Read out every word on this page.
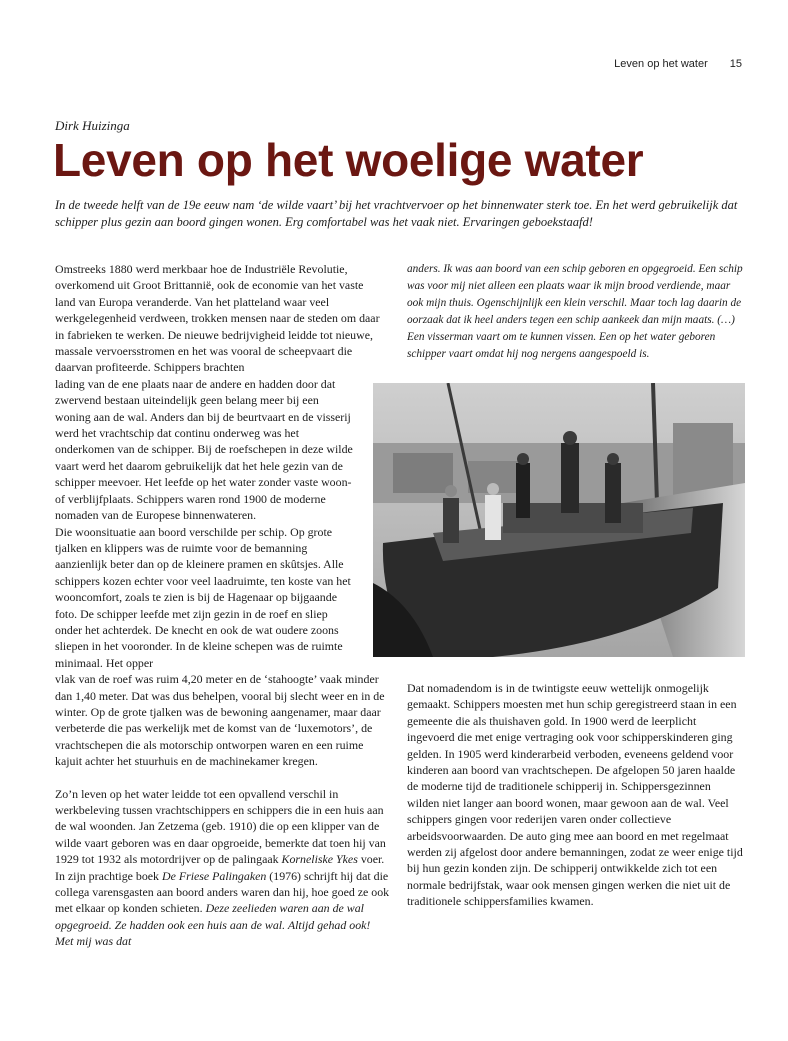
Leven op het water 15
Dirk Huizinga
Leven op het woelige water

In de tweede helft van de 19e eeuw nam ‘de wilde vaart’ bij het vrachtvervoer op het binnenwater sterk toe. En het werd gebruikelijk dat schipper plus gezin aan boord gingen wonen. Erg comfortabel was het vaak niet. Ervaringen geboekstaafd!

Omstreeks 1880 werd merkbaar hoe de Industriële Revolutie, overkomend uit Groot Brittannië, ook de economie van het vaste land van Europa veranderde. Van het platteland waar veel werkgelegenheid verdween, trokken mensen naar de steden om daar in fabrieken te werken. De nieuwe bedrijvigheid leidde tot nieuwe, massale vervoersstromen en het was vooral de scheepvaart die daarvan profiteerde. Schippers brachten

lading van de ene plaats naar de andere en hadden door dat zwervend bestaan uiteindelijk geen belang meer bij een woning aan de wal. Anders dan bij de beurtvaart en de visserij werd het vrachtschip dat continu onderweg was het onderkomen van de schipper. Bij de roefschepen in deze wilde vaart werd het daarom gebruikelijk dat het hele gezin van de schipper meevoer. Het leefde op het water zonder vaste woon- of verblijfplaats. Schippers waren rond 1900 de moderne nomaden van de Europese binnenwateren.

Die woonsituatie aan boord verschilde per schip. Op grote tjalken en klippers was de ruimte voor de bemanning aanzienlijk beter dan op de kleinere pramen en skûtsjes. Alle schippers kozen echter voor veel laadruimte, ten koste van het wooncomfort, zoals te zien is bij de Hagenaar op bijgaande foto. De schipper leefde met zijn gezin in de roef en sliep onder het achterdek. De knecht en ook de wat oudere zoons sliepen in het vooronder. In de kleine schepen was de ruimte minimaal. Het opper

vlak van de roef was ruim 4,20 meter en de ‘stahoogte’ vaak minder dan 1,40 meter. Dat was dus behelpen, vooral bij slecht weer en in de winter. Op de grote tjalken was de bewoning aangenamer, maar daar verbeterde die pas werkelijk met de komst van de ‘luxemotors’, de vrachtschepen die als motorschip ontworpen waren en een ruime kajuit achter het stuurhuis en de machinekamer kregen.

Zo’n leven op het water leidde tot een opvallend verschil in werkbeleving tussen vrachtschippers en schippers die in een huis aan de wal woonden. Jan Zetzema (geb. 1910) die op een klipper van de wilde vaart geboren was en daar opgroeide, bemerkte dat toen hij van 1929 tot 1932 als motordrijver op de palingaak Korneliske Ykes voer. In zijn prachtige boek De Friese Palingaken (1976) schrijft hij dat die collega varensgasten aan boord anders waren dan hij, hoe goed ze ook met elkaar op konden schieten. Deze zeelieden waren aan de wal opgegroeid. Ze hadden ook een huis aan de wal. Altijd gehad ook! Met mij was dat

anders. Ik was aan boord van een schip geboren en opgegroeid. Een schip was voor mij niet alleen een plaats waar ik mijn brood verdiende, maar ook mijn thuis. Ogenschijnlijk een klein verschil. Maar toch lag daarin de oorzaak dat ik heel anders tegen een schip aankeek dan mijn maats. (…) Een visserman vaart om te kunnen vissen. Een op het water geboren schipper vaart omdat hij nog nergens aangespoeld is.
Dat nomadendom is in de twintigste eeuw wettelijk onmogelijk gemaakt. Schippers moesten met hun schip geregistreerd staan in een gemeente die als thuishaven gold. In 1900 werd de leerplicht ingevoerd die met enige vertraging ook voor schipperskinderen ging gelden. In 1905 werd kinderarbeid verboden, eveneens geldend voor kinderen aan boord van vrachtschepen. De afgelopen 50 jaren haalde de moderne tijd de traditionele schipperij in. Schippersgezinnen wilden niet langer aan boord wonen, maar gewoon aan de wal. Veel schippers gingen voor rederijen varen onder collectieve arbeidsvoorwaarden. De auto ging mee aan boord en met regelmaat werden zij afgelost door andere bemanningen, zodat ze weer enige tijd bij hun gezin konden zijn. De schipperij ontwikkelde zich tot een normale bedrijfstak, waar ook mensen gingen werken die niet uit de traditionele schippersfamilies kwamen.
